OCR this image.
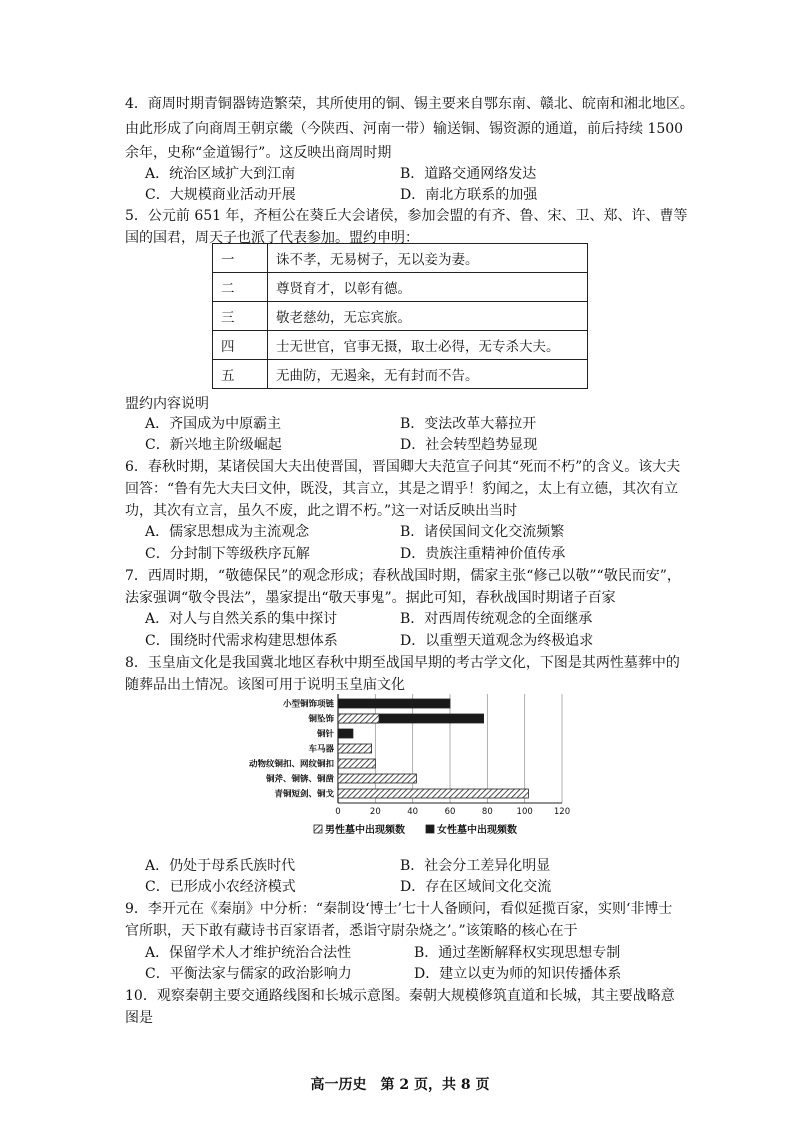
4．商周时期青铜器铸造繁荣，其所使用的铜、锡主要来自鄂东南、赣北、皖南和湘北地区。
由此形成了向商周王朝京畿（今陕西、河南一带）输送铜、锡资源的通道，前后持续 1500
余年，史称“金道锡行”。这反映出商周时期
A．统治区域扩大到江南	B．道路交通网络发达
C．大规模商业活动开展	D．南北方联系的加强
5．公元前 651 年，齐桓公在葵丘大会诸侯，参加会盟的有齐、鲁、宋、卫、郑、许、曹等
国的国君，周天子也派了代表参加。盟约申明：
一	诛不孝，无易树子，无以妾为妻。
二	尊贤育才，以彰有德。
三	敬老慈幼，无忘宾旅。
四	士无世官，官事无摄，取士必得，无专杀大夫。
五	无曲防，无遏籴，无有封而不告。
盟约内容说明
A．齐国成为中原霸主	B．变法改革大幕拉开
C．新兴地主阶级崛起	D．社会转型趋势显现
6．春秋时期，某诸侯国大夫出使晋国，晋国卿大夫范宣子问其“死而不朽”的含义。该大夫
回答：“鲁有先大夫曰文仲，既没，其言立，其是之谓乎！豹闻之，太上有立德，其次有立
功，其次有立言，虽久不废，此之谓不朽。”这一对话反映出当时
A．儒家思想成为主流观念	B．诸侯国间文化交流频繁
C．分封制下等级秩序瓦解	D．贵族注重精神价值传承
7．西周时期，“敬德保民”的观念形成；春秋战国时期，儒家主张“修己以敬”“敬民而安”，
法家强调“敬令畏法”，墨家提出“敬天事鬼”。据此可知，春秋战国时期诸子百家
A．对人与自然关系的集中探讨	B．对西周传统观念的全面继承
C．围绕时代需求构建思想体系	D．以重塑天道观念为终极追求
8．玉皇庙文化是我国冀北地区春秋中期至战国早期的考古学文化，下图是其两性墓葬中的
随葬品出土情况。该图可用于说明玉皇庙文化
小型铜饰项链
铜坠饰
铜针
车马器
动物纹铜扣、网纹铜扣
铜斧、铜锛、铜凿
青铜短剑、铜戈
0	20	40	60	80	100 120
男性墓中出现频数	女性墓中出现频数
A．仍处于母系氏族时代	B．社会分工差异化明显
C．已形成小农经济模式	D．存在区域间文化交流
9．李开元在《秦崩》中分析：“秦制设‘博士’七十人备顾问，看似延揽百家，实则‘非博士
官所职，天下敢有藏诗书百家语者，悉诣守尉杂烧之’。”该策略的核心在于
A．保留学术人才维护统治合法性	B．通过垄断解释权实现思想专制
C．平衡法家与儒家的政治影响力	D．建立以吏为师的知识传播体系
10．观察秦朝主要交通路线图和长城示意图。秦朝大规模修筑直道和长城，其主要战略意
图是
高一历史　第 2 页，共 8 页
